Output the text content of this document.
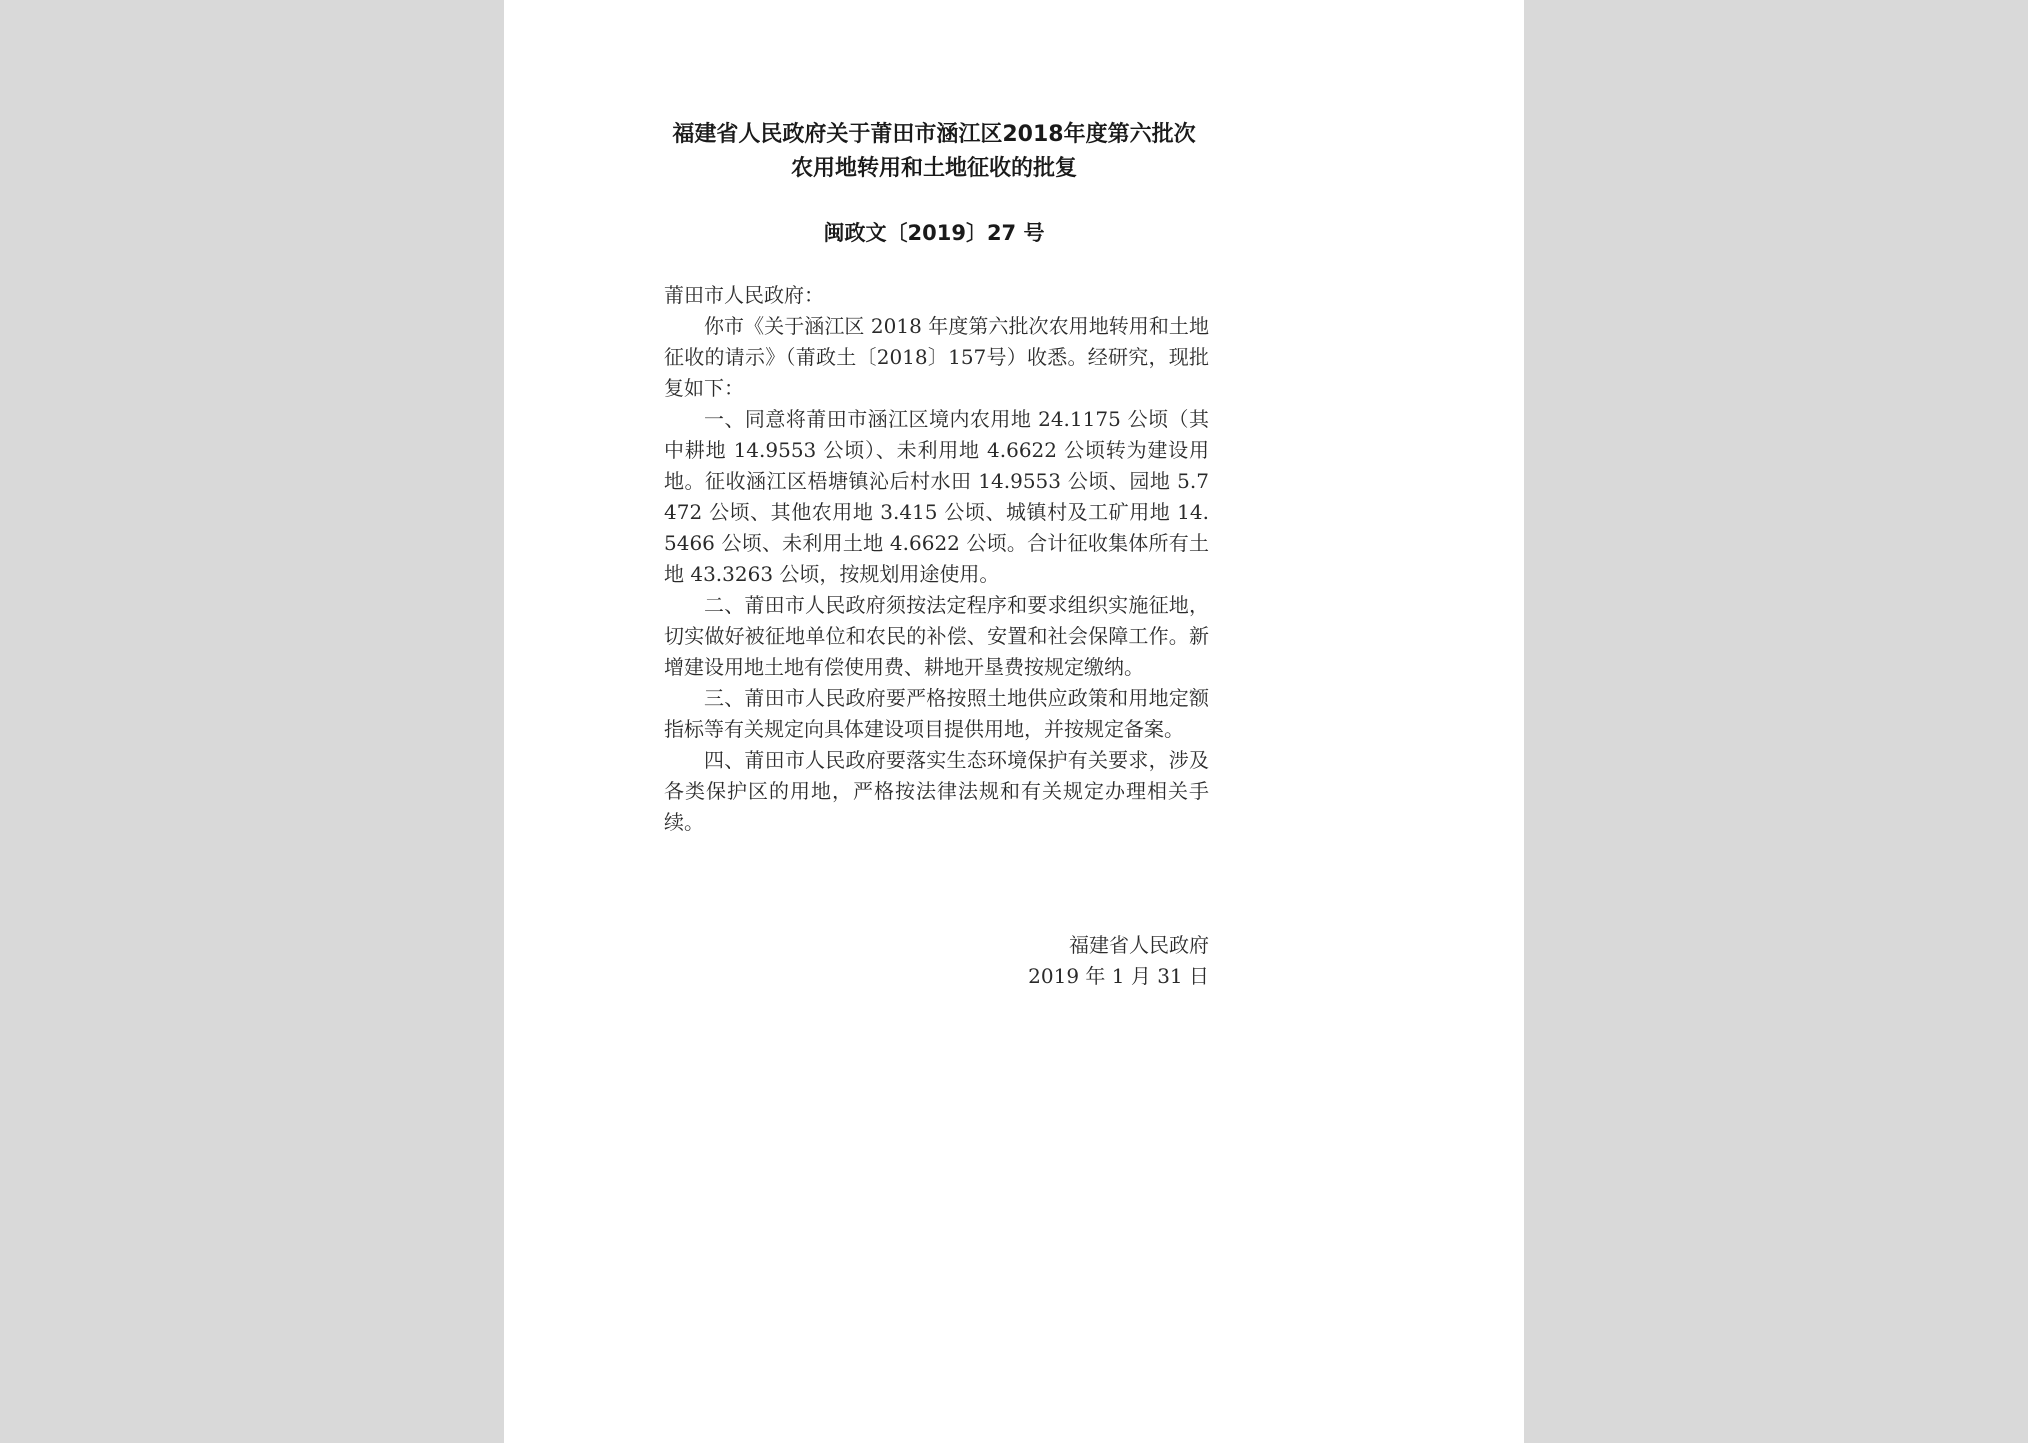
福建省人民政府关于莆田市涵江区2018年度第六批次农用地转用和土地征收的批复
闽政文〔2019〕27 号
莆田市人民政府：

你市《关于涵江区 2018 年度第六批次农用地转用和土地征收的请示》（莆政土〔2018〕157号）收悉。经研究，现批复如下：

一、同意将莆田市涵江区境内农用地 24.1175 公顷（其中耕地 14.9553 公顷）、未利用地 4.6622 公顷转为建设用地。征收涵江区梧塘镇沁后村水田 14.9553 公顷、园地 5.7472 公顷、其他农用地 3.415 公顷、城镇村及工矿用地 14.5466 公顷、未利用土地 4.6622 公顷。合计征收集体所有土地 43.3263 公顷，按规划用途使用。

二、莆田市人民政府须按法定程序和要求组织实施征地，切实做好被征地单位和农民的补偿、安置和社会保障工作。新增建设用地土地有偿使用费、耕地开垦费按规定缴纳。

三、莆田市人民政府要严格按照土地供应政策和用地定额指标等有关规定向具体建设项目提供用地，并按规定备案。

四、莆田市人民政府要落实生态环境保护有关要求，涉及各类保护区的用地，严格按法律法规和有关规定办理相关手续。

福建省人民政府
2019 年 1 月 31 日
